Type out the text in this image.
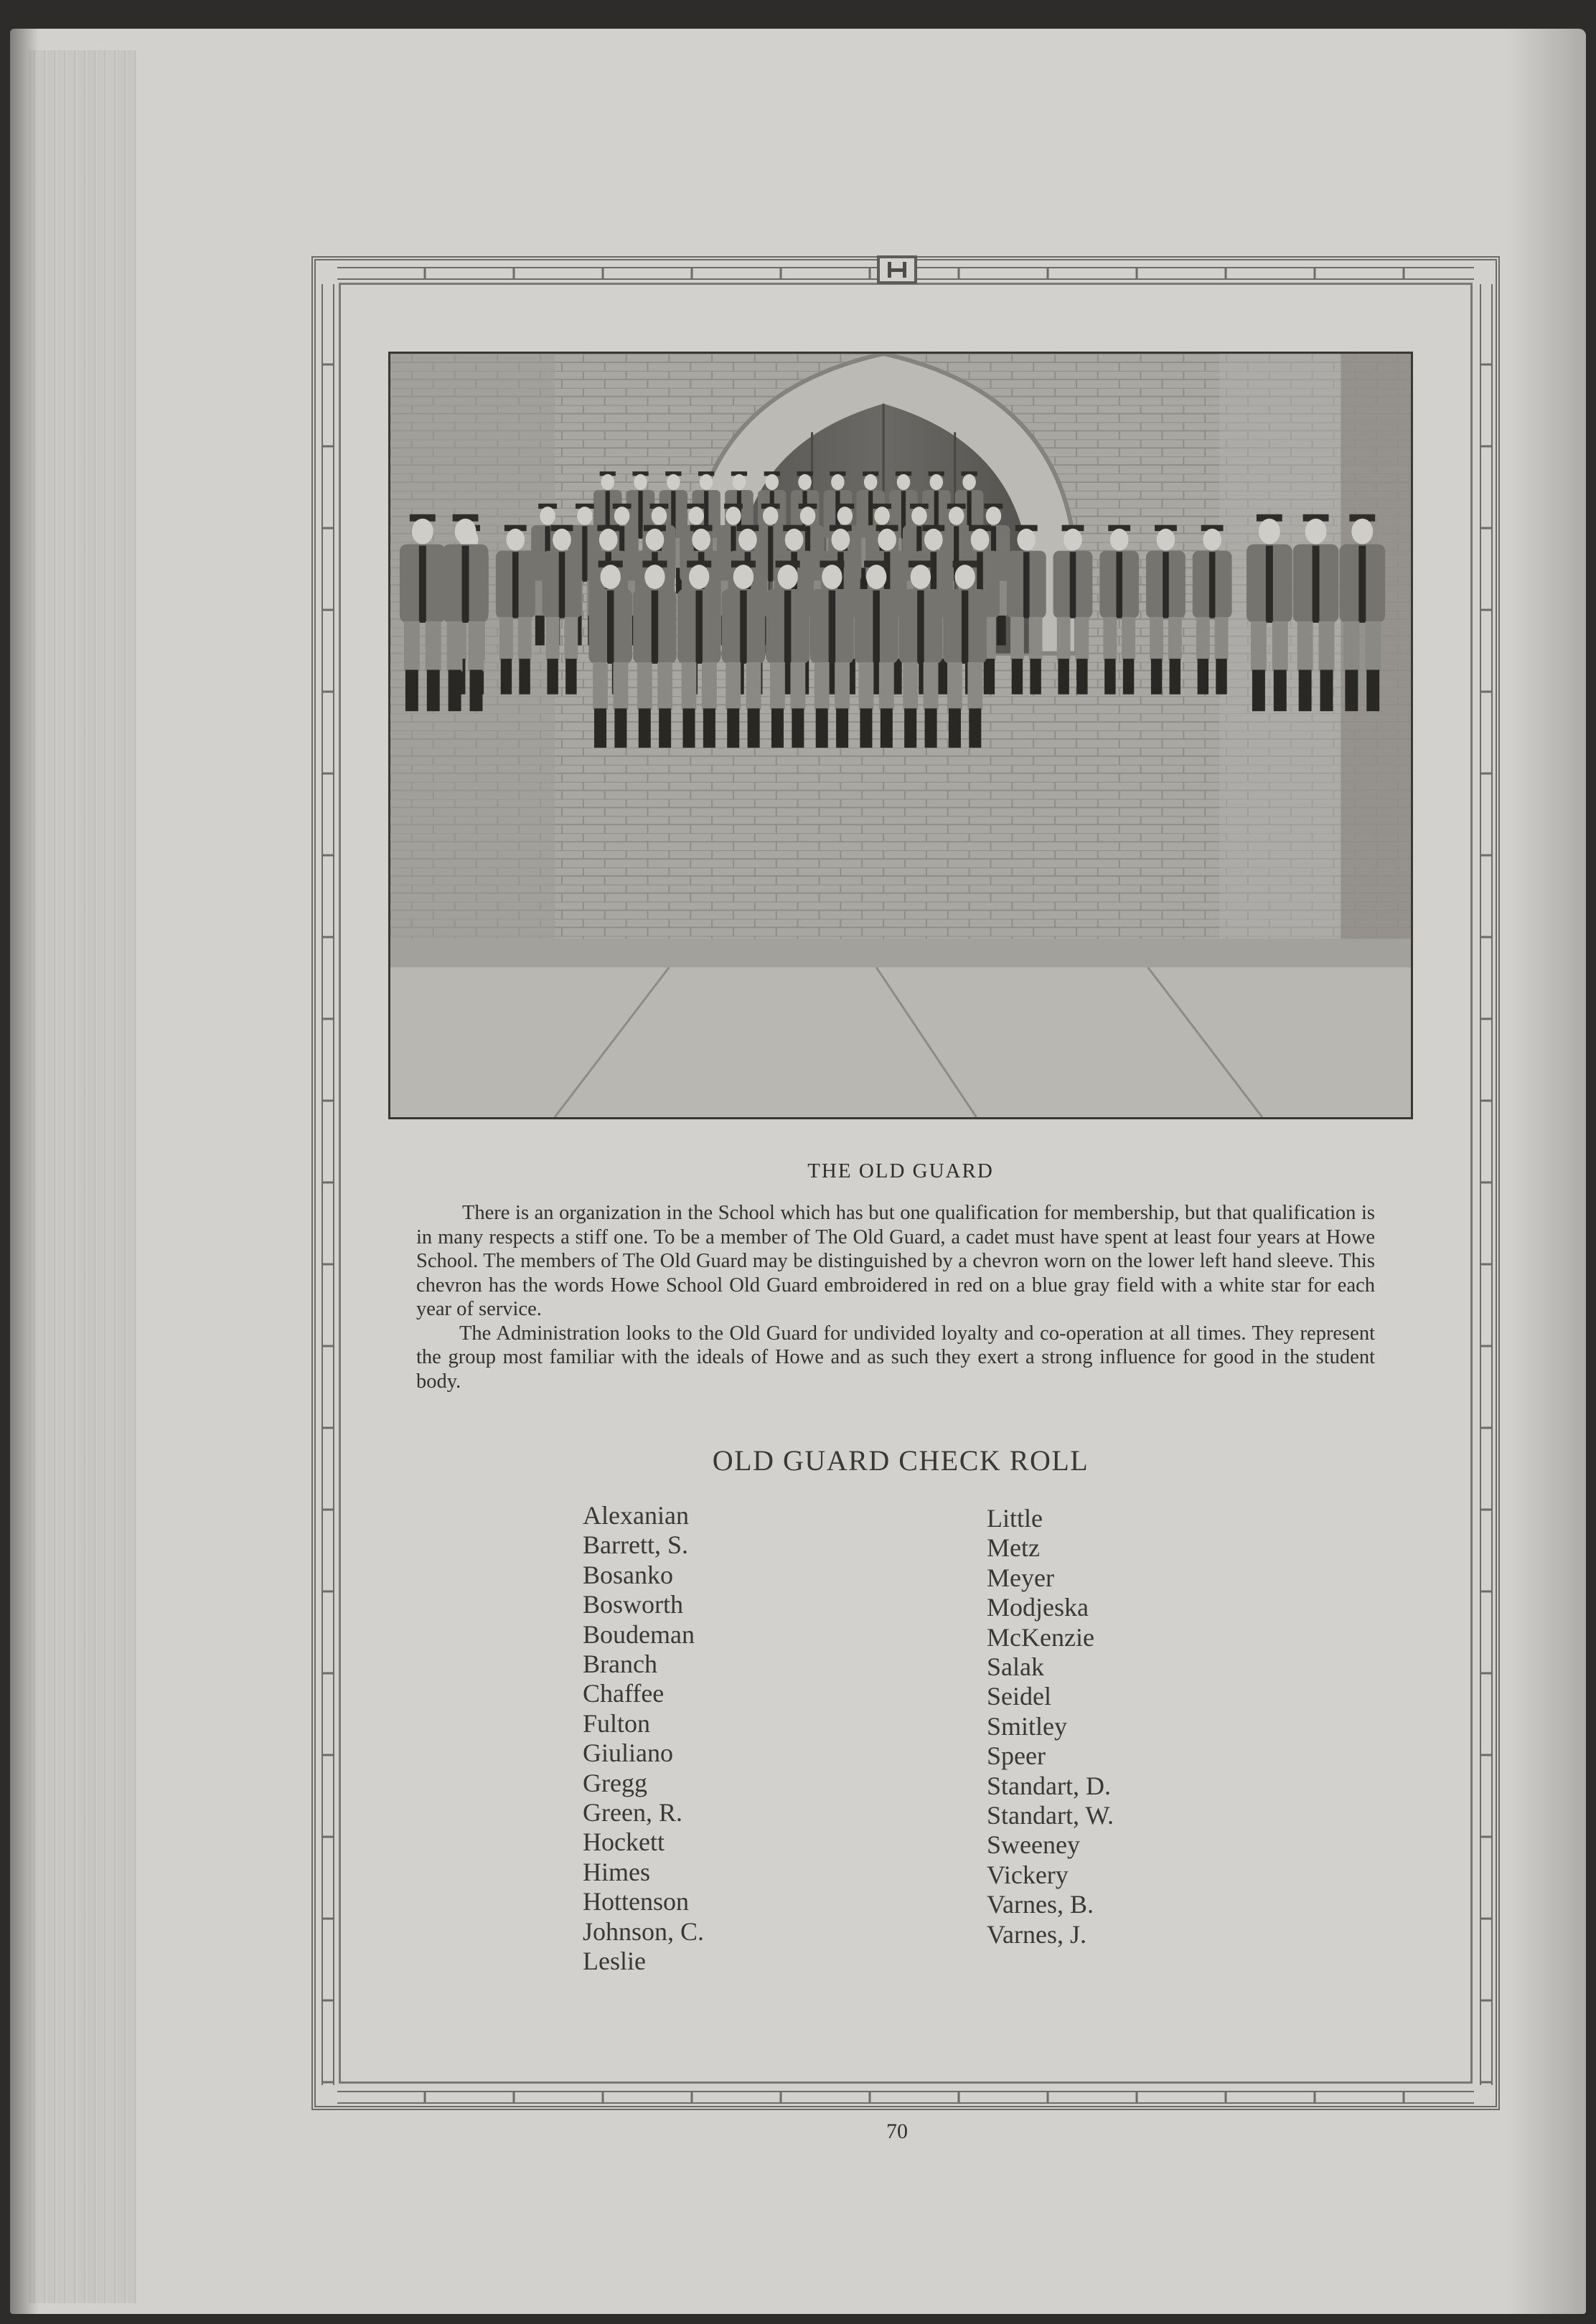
THE OLD GUARD

There is an organization in the School which has but one qualification for membership, but that qualification is in many respects a stiff one. To be a member of The Old Guard, a cadet must have spent at least four years at Howe School. The members of The Old Guard may be distinguished by a chevron worn on the lower left hand sleeve. This chevron has the words Howe School Old Guard embroidered in red on a blue gray field with a white star for each year of service.

The Administration looks to the Old Guard for undivided loyalty and co-operation at all times. They represent the group most familiar with the ideals of Howe and as such they exert a strong influence for good in the student body.

OLD GUARD CHECK ROLL
Alexanian
Barrett, S.
Bosanko
Bosworth
Boudeman
Branch
Chaffee
Fulton
Giuliano
Gregg
Green, R.
Hockett
Himes
Hottenson
Johnson, C.
Leslie
Little
Metz
Meyer
Modjeska
McKenzie
Salak
Seidel
Smitley
Speer
Standart, D.
Standart, W.
Sweeney
Vickery
Varnes, B.
Varnes, J.
70
